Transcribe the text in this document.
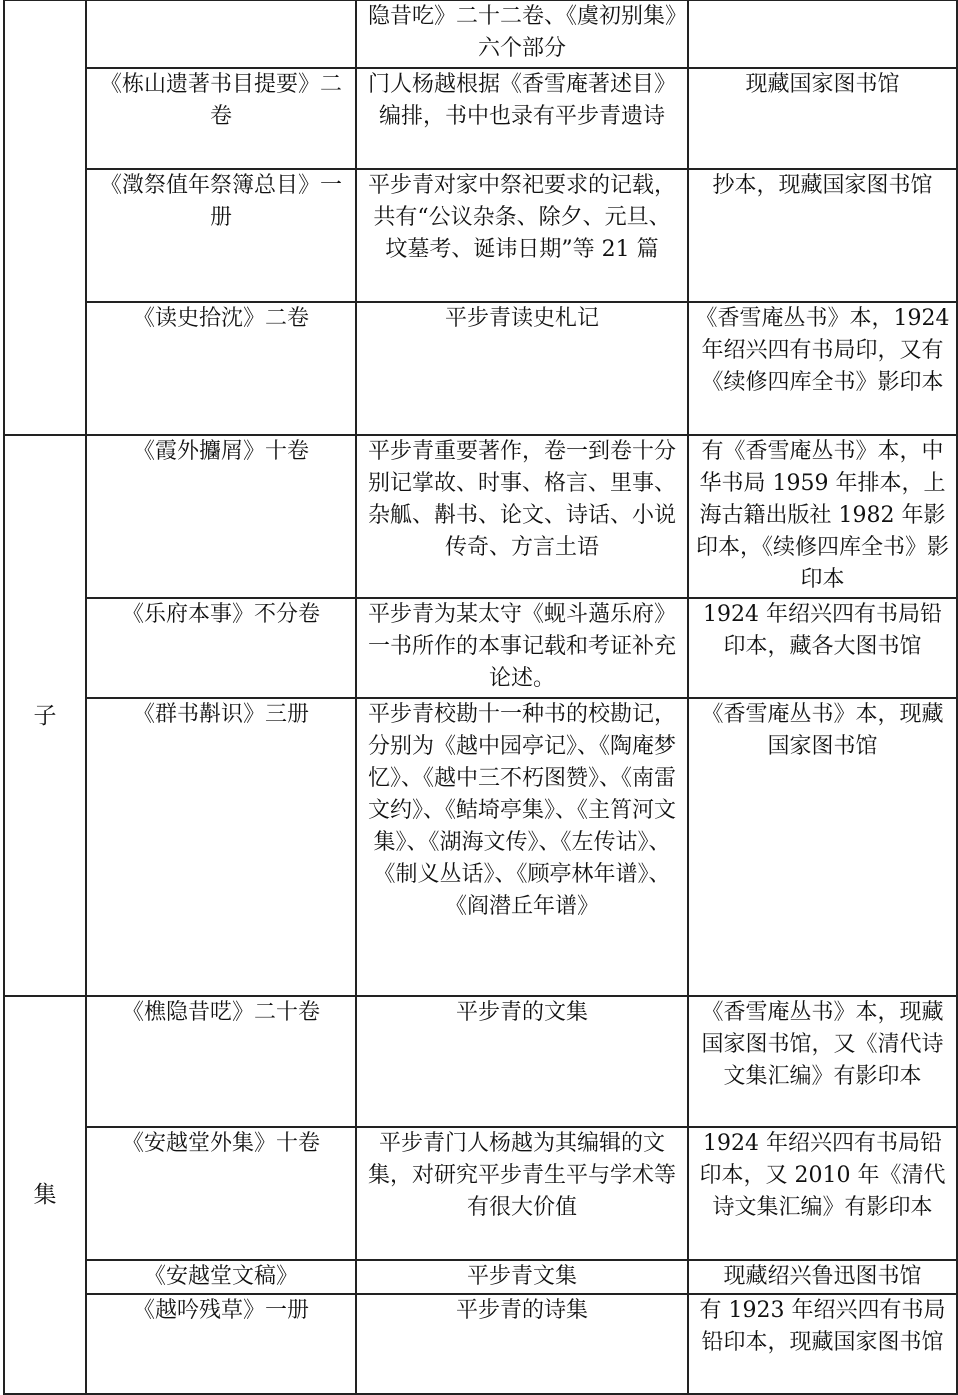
		隐昔吃》二十二卷、《虞初别集》六个部分	
	《栋山遗著书目提要》二卷	门人杨越根据《香雪庵著述目》编排，书中也录有平步青遗诗	现藏国家图书馆
	《澂祭值年祭簿总目》一册	平步青对家中祭祀要求的记载，共有“公议杂条、除夕、元旦、坟墓考、诞讳日期”等 21 篇	抄本，现藏国家图书馆
	《读史拾沈》二卷	平步青读史札记	《香雪庵丛书》本，1924 年绍兴四有书局印，又有《续修四库全书》影印本
子	《霞外攟屑》十卷	平步青重要著作，卷一到卷十分别记掌故、时事、格言、里事、杂觚、斠书、论文、诗话、小说传奇、方言土语	有《香雪庵丛书》本，中华书局 1959 年排本，上海古籍出版社 1982 年影印本，《续修四库全书》影印本
	《乐府本事》不分卷	平步青为某太守《蚬斗薖乐府》一书所作的本事记载和考证补充论述。	1924 年绍兴四有书局铅印本，藏各大图书馆
	《群书斠识》三册	平步青校勘十一种书的校勘记，分别为《越中园亭记》、《陶庵梦忆》、《越中三不朽图赞》、《南雷文约》、《鲒埼亭集》、《主筲河文集》、《湖海文传》、《左传诂》、《制义丛话》、《顾亭林年谱》、《阎潜丘年谱》	《香雪庵丛书》本，现藏国家图书馆
集	《樵隐昔呓》二十卷	平步青的文集	《香雪庵丛书》本，现藏国家图书馆，又《清代诗文集汇编》有影印本
	《安越堂外集》十卷	平步青门人杨越为其编辑的文集，对研究平步青生平与学术等有很大价值	1924 年绍兴四有书局铅印本，又 2010 年《清代诗文集汇编》有影印本
	《安越堂文稿》	平步青文集	现藏绍兴鲁迅图书馆
	《越吟残草》一册	平步青的诗集	有 1923 年绍兴四有书局铅印本，现藏国家图书馆
